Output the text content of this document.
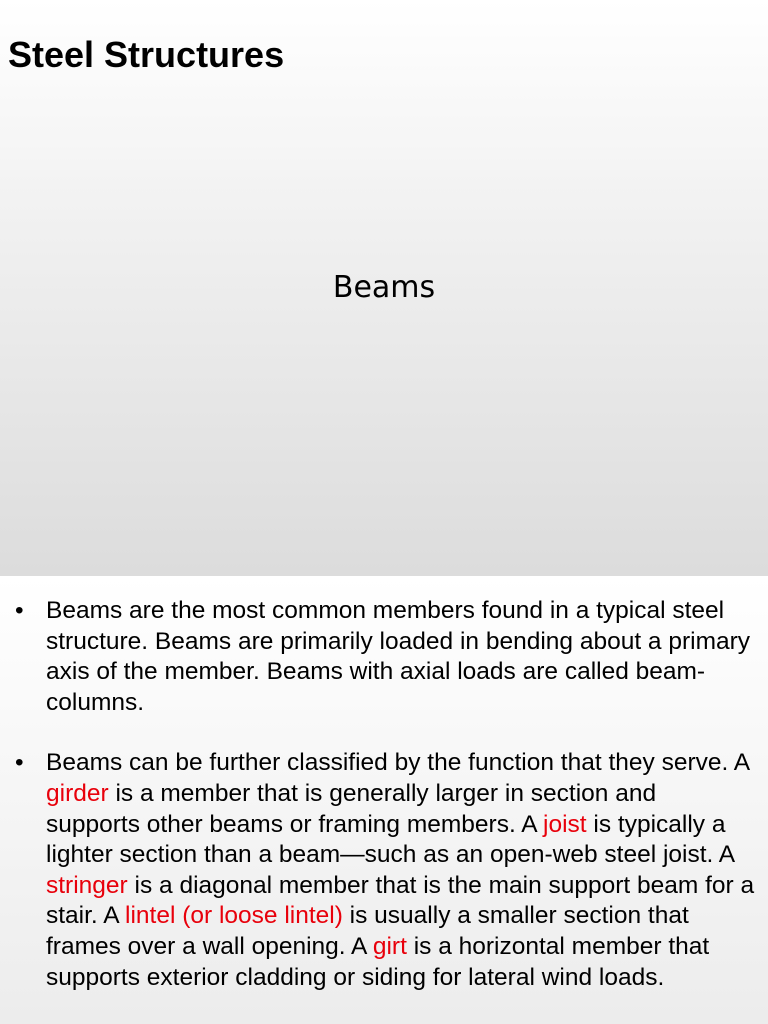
Steel Structures
Beams
• Beams are the most common members found in a typical steel structure. Beams are primarily loaded in bending about a primary axis of the member. Beams with axial loads are called beam-columns.
• Beams can be further classified by the function that they serve. A girder is a member that is generally larger in section and supports other beams or framing members. A joist is typically a lighter section than a beam—such as an open-web steel joist. A stringer is a diagonal member that is the main support beam for a stair. A lintel (or loose lintel) is usually a smaller section that frames over a wall opening. A girt is a horizontal member that supports exterior cladding or siding for lateral wind loads.
